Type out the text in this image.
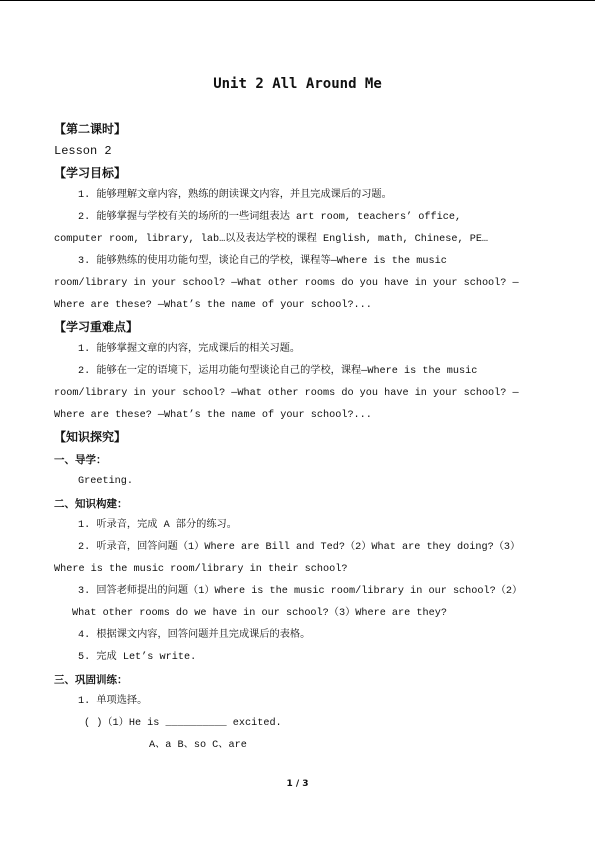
Unit 2 All Around Me
【第二课时】
Lesson 2
【学习目标】
1. 能够理解文章内容，熟练的朗读课文内容，并且完成课后的习题。
2. 能够掌握与学校有关的场所的一些词组表达 art room, teachers’ office,
computer room, library, lab…以及表达学校的课程 English, math, Chinese, PE…
3. 能够熟练的使用功能句型，谈论自己的学校，课程等—Where is the music
room/library in your school? —What other rooms do you have in your school? —
Where are these? —What’s the name of your school?...
【学习重难点】
1. 能够掌握文章的内容，完成课后的相关习题。
2. 能够在一定的语境下，运用功能句型谈论自己的学校，课程—Where is the music
room/library in your school? —What other rooms do you have in your school? —
Where are these? —What’s the name of your school?...
【知识探究】
一、导学：
Greeting.
二、知识构建：
1. 听录音，完成 A 部分的练习。
2. 听录音，回答问题（1）Where are Bill and Ted?（2）What are they doing?（3）
Where is the music room/library in their school?
3. 回答老师提出的问题（1）Where is the music room/library in our school?（2）
What other rooms do we have in our school?（3）Where are they?
4. 根据课文内容，回答问题并且完成课后的表格。
5. 完成 Let’s write.
三、巩固训练：
1. 单项选择。
( )（1）He is __________ excited.
A、a B、so C、are
1 / 3
